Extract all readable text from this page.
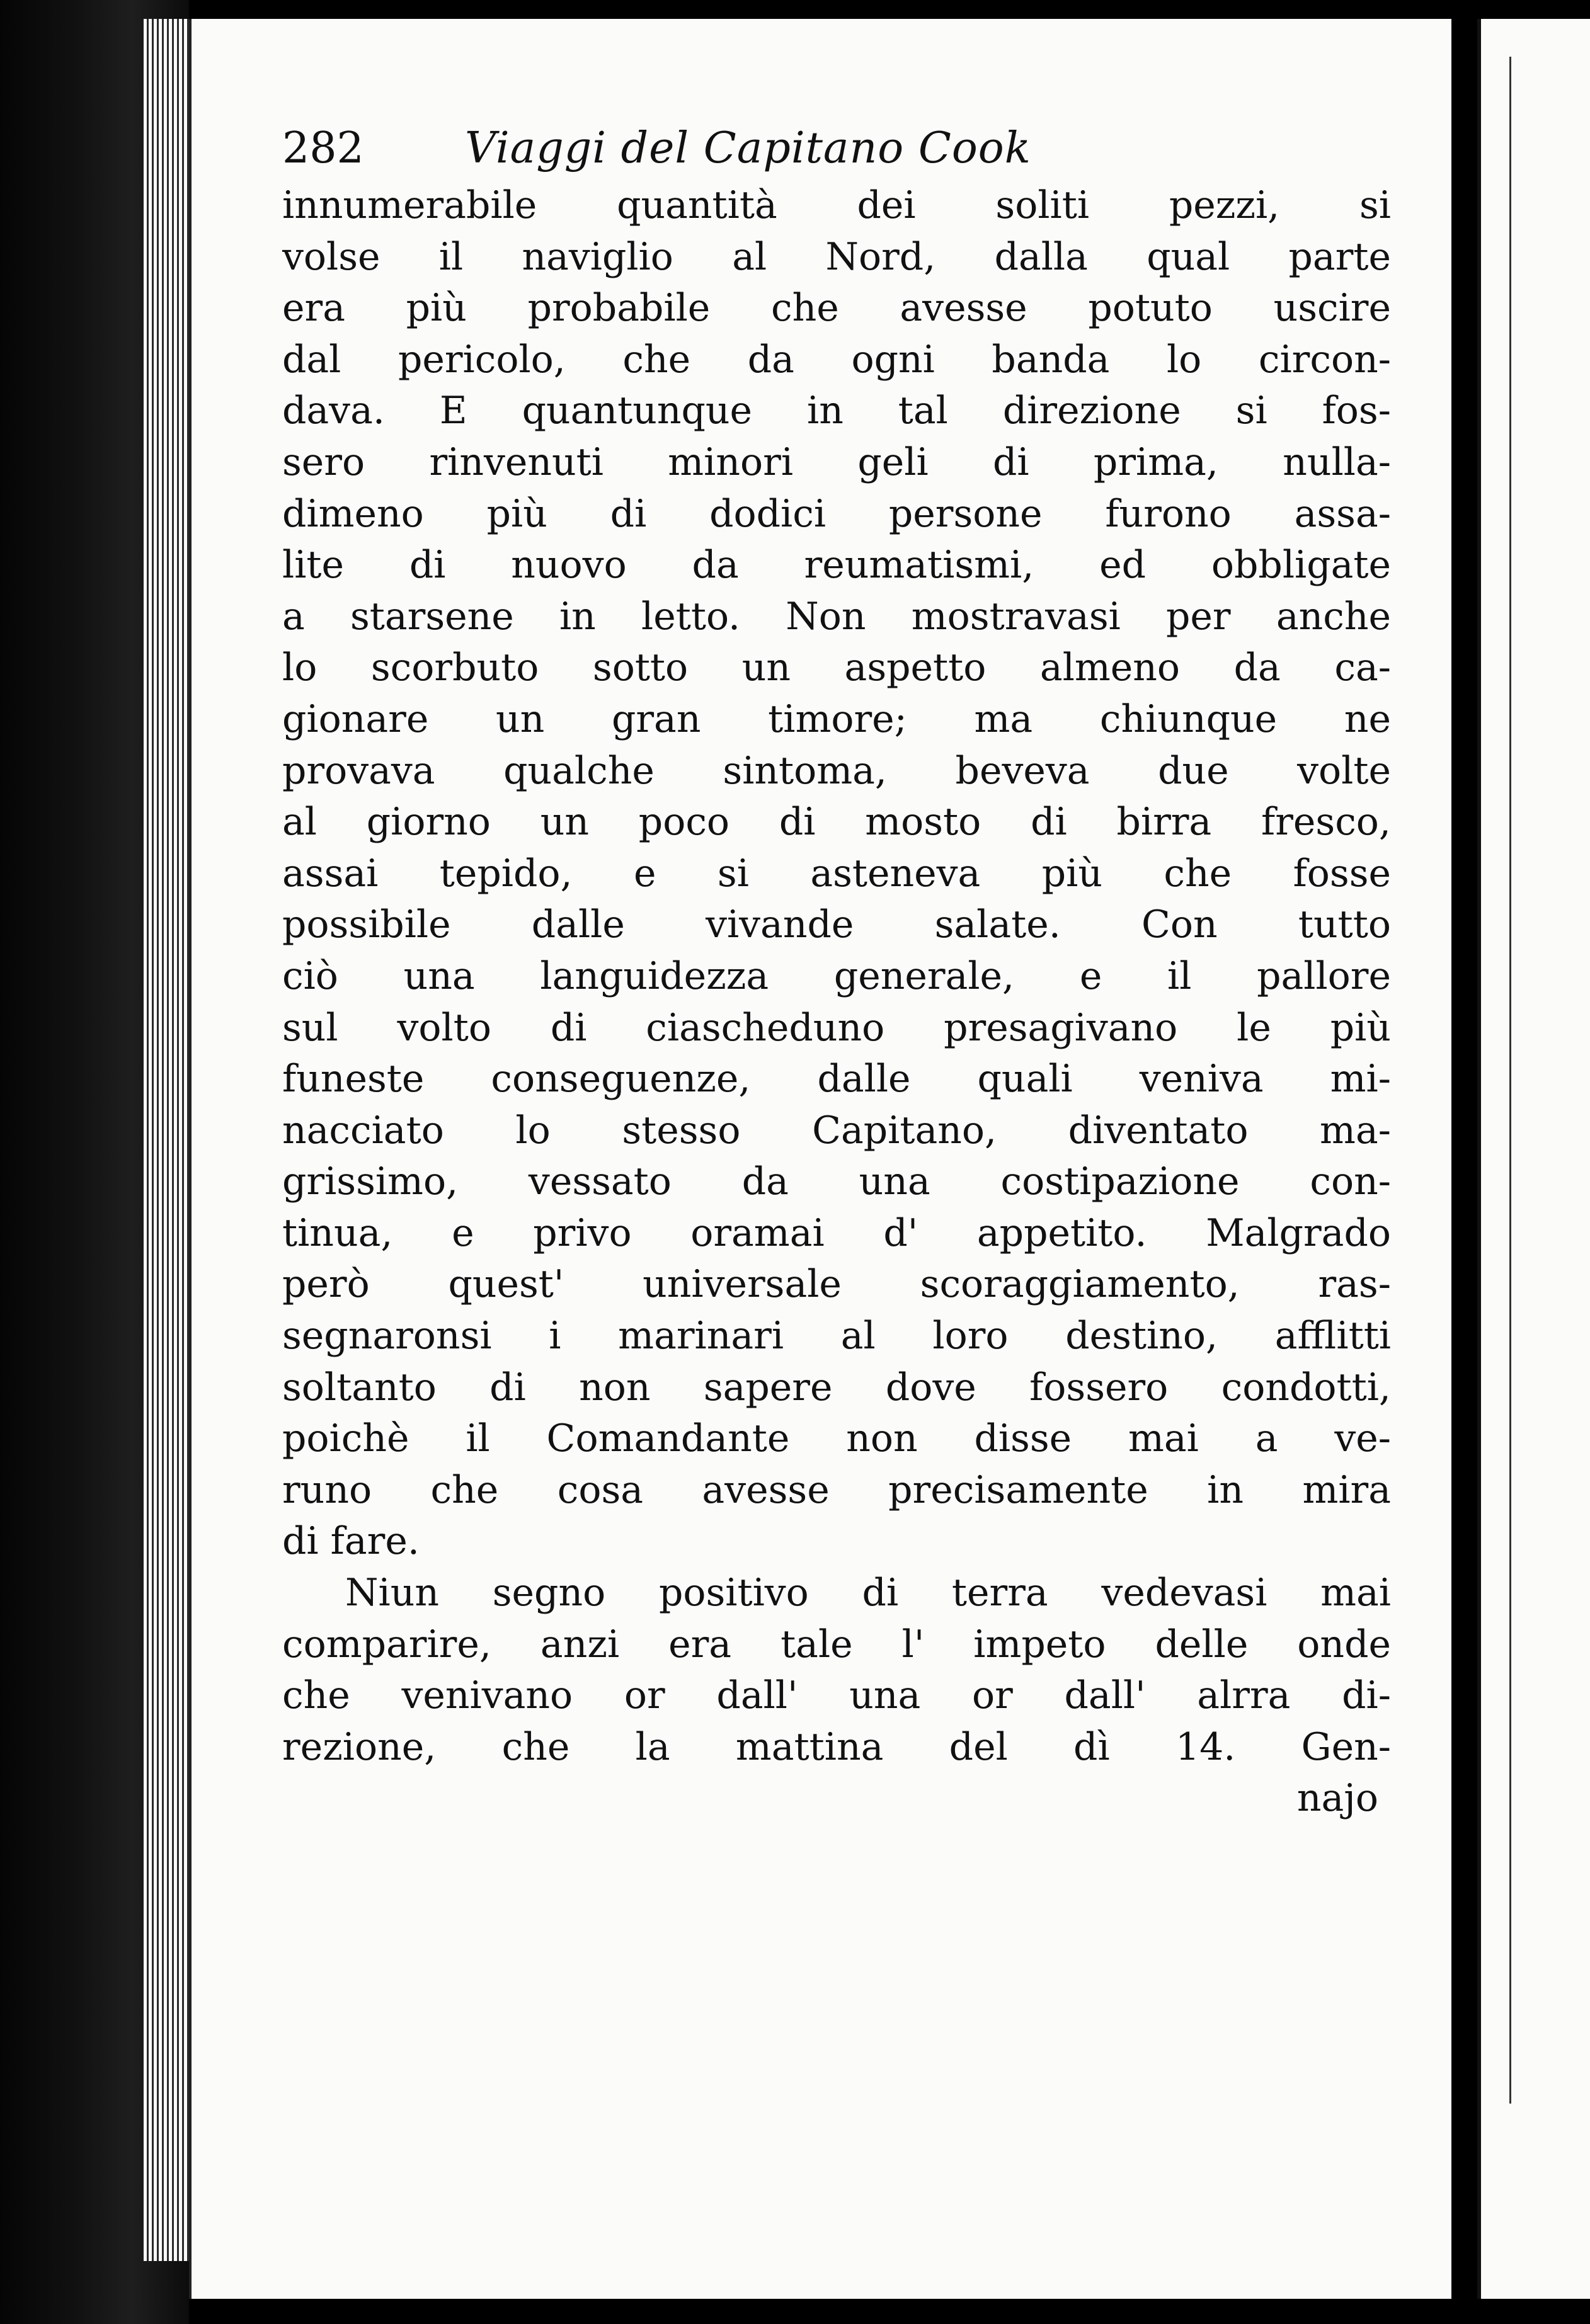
282 Viaggi del Capitano Cook
innumerabile quantità dei soliti pezzi, si
volse il naviglio al Nord, dalla qual parte
era più probabile che avesse potuto uscire
dal pericolo, che da ogni banda lo circon-
dava. E quantunque in tal direzione si fos-
sero rinvenuti minori geli di prima, nulla-
dimeno più di dodici persone furono assa-
lite di nuovo da reumatismi, ed obbligate
a starsene in letto. Non mostravasi per anche
lo scorbuto sotto un aspetto almeno da ca-
gionare un gran timore; ma chiunque ne
provava qualche sintoma, beveva due volte
al giorno un poco di mosto di birra fresco,
assai tepido, e si asteneva più che fosse
possibile dalle vivande salate. Con tutto
ciò una languidezza generale, e il pallore
sul volto di ciascheduno presagivano le più
funeste conseguenze, dalle quali veniva mi-
nacciato lo stesso Capitano, diventato ma-
grissimo, vessato da una costipazione con-
tinua, e privo oramai d' appetito. Malgrado
però quest' universale scoraggiamento, ras-
segnaronsi i marinari al loro destino, afflitti
soltanto di non sapere dove fossero condotti,
poichè il Comandante non disse mai a ve-
runo che cosa avesse precisamente in mira
di fare.
Niun segno positivo di terra vedevasi mai
comparire, anzi era tale l' impeto delle onde
che venivano or dall' una or dall' alrra di-
rezione, che la mattina del dì 14. Gen-
najo
